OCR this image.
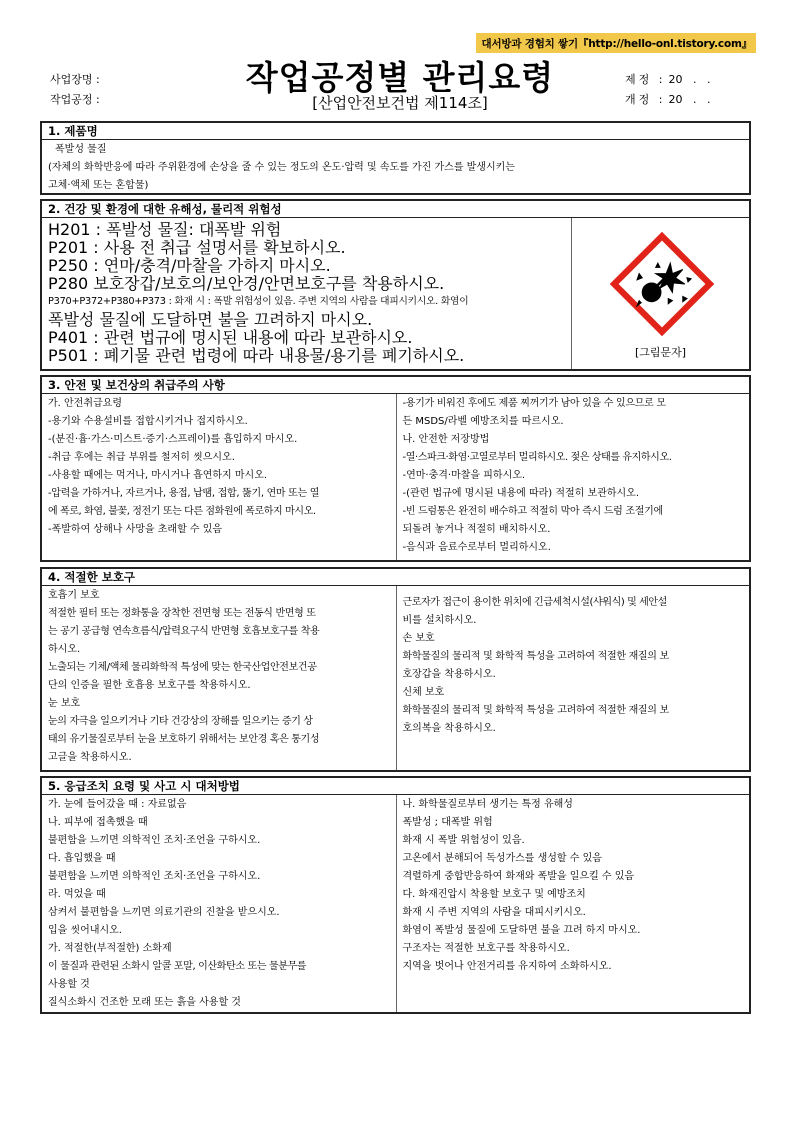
대서방과 경험치 쌓기『http://hello-onl.tistory.com』
사업장명 :
작업공정 :
작업공정별 관리요령
[산업안전보건법 제114조]
제정 : 20   .   .
개정 : 20   .   .
1. 제품명
폭발성 물질
(자체의 화학반응에 따라 주위환경에 손상을 줄 수 있는 정도의 온도·압력 및 속도를 가진 가스를 발생시키는
고체·액체 또는 혼합물)
2. 건강 및 환경에 대한 유해성, 물리적 위험성
H201 : 폭발성 물질: 대폭발 위험
P201 : 사용 전 취급 설명서를 확보하시오.
P250 : 연마/충격/마찰을 가하지 마시오.
P280 보호장갑/보호의/보안경/안면보호구를 착용하시오.
P370+P372+P380+P373 : 화재 시 : 폭발 위험성이 있음. 주변 지역의 사람을 대피시키시오. 화염이
폭발성 물질에 도달하면 불을 끄려하지 마시오.
P401 : 관련 법규에 명시된 내용에 따라 보관하시오.
P501 : 폐기물 관련 법령에 따라 내용물/용기를 폐기하시오.	[그림문자]
3. 안전 및 보건상의 취급주의 사항
가. 안전취급요령
-용기와 수용설비를 접합시키거나 접지하시오.
-(분진·흄·가스·미스트·증기·스프레이)를 흡입하지 마시오.
-취급 후에는 취급 부위를 철저히 씻으시오.
-사용할 때에는 먹거나, 마시거나 흡연하지 마시오.
-압력을 가하거나, 자르거나, 용접, 납땜, 접합, 뚫기, 연마 또는 열
에 폭로, 화염, 불꽃, 정전기 또는 다른 점화원에 폭로하지 마시오.
-폭발하여 상해나 사망을 초래할 수 있음
-용기가 비워진 후에도 제품 찌꺼기가 남아 있을 수 있으므로 모
든 MSDS/라벨 예방조치를 따르시오.
나. 안전한 저장방법
-열·스파크·화염·고열로부터 멀리하시오. 젖은 상태를 유지하시오.
-연마·충격·마찰을 피하시오.
-(관련 법규에 명시된 내용에 따라) 적절히 보관하시오.
-빈 드럼통은 완전히 배수하고 적절히 막아 즉시 드럼 조절기에
되돌려 놓거나 적절히 배치하시오.
-음식과 음료수로부터 멀리하시오.
4. 적절한 보호구
호흡기 보호
적절한 필터 또는 정화통을 장착한 전면형 또는 전동식 반면형 또
는 공기 공급형 연속흐름식/압력요구식 반면형 호흡보호구를 착용
하시오.
노출되는 기체/액체 물리화학적 특성에 맞는 한국산업안전보건공
단의 인증을 필한 호흡용 보호구를 착용하시오.
눈 보호
눈의 자극을 일으키거나 기타 건강상의 장해를 일으키는 증기 상
태의 유기물질로부터 눈을 보호하기 위해서는 보안경 혹은 통기성
고글을 착용하시오.
근로자가 접근이 용이한 위치에 긴급세척시설(샤워식) 및 세안설
비를 설치하시오.
손 보호
화학물질의 물리적 및 화학적 특성을 고려하여 적절한 재질의 보
호장갑을 착용하시오.
신체 보호
화학물질의 물리적 및 화학적 특성을 고려하여 적절한 재질의 보
호의복을 착용하시오.
5. 응급조치 요령 및 사고 시 대처방법
가. 눈에 들어갔을 때 : 자료없음
나. 피부에 접촉했을 때
불편함을 느끼면 의학적인 조치·조언을 구하시오.
다. 흡입했을 때
불편함을 느끼면 의학적인 조치·조언을 구하시오.
라. 먹었을 때
삼켜서 불편함을 느끼면 의료기관의 진찰을 받으시오.
입을 씻어내시오.
가. 적절한(부적절한) 소화제
이 물질과 관련된 소화시 알콜 포말, 이산화탄소 또는 물분무를
사용할 것
질식소화시 건조한 모래 또는 흙을 사용할 것
나. 화학물질로부터 생기는 특정 유해성
폭발성 ; 대폭발 위험
화재 시 폭발 위험성이 있음.
고온에서 분해되어 독성가스를 생성할 수 있음
격렬하게 중합반응하여 화재와 폭발을 일으킬 수 있음
다. 화재진압시 착용할 보호구 및 예방조치
화재 시 주변 지역의 사람을 대피시키시오.
화염이 폭발성 물질에 도달하면 불을 끄려 하지 마시오.
구조자는 적절한 보호구를 착용하시오.
지역을 벗어나 안전거리를 유지하여 소화하시오.
